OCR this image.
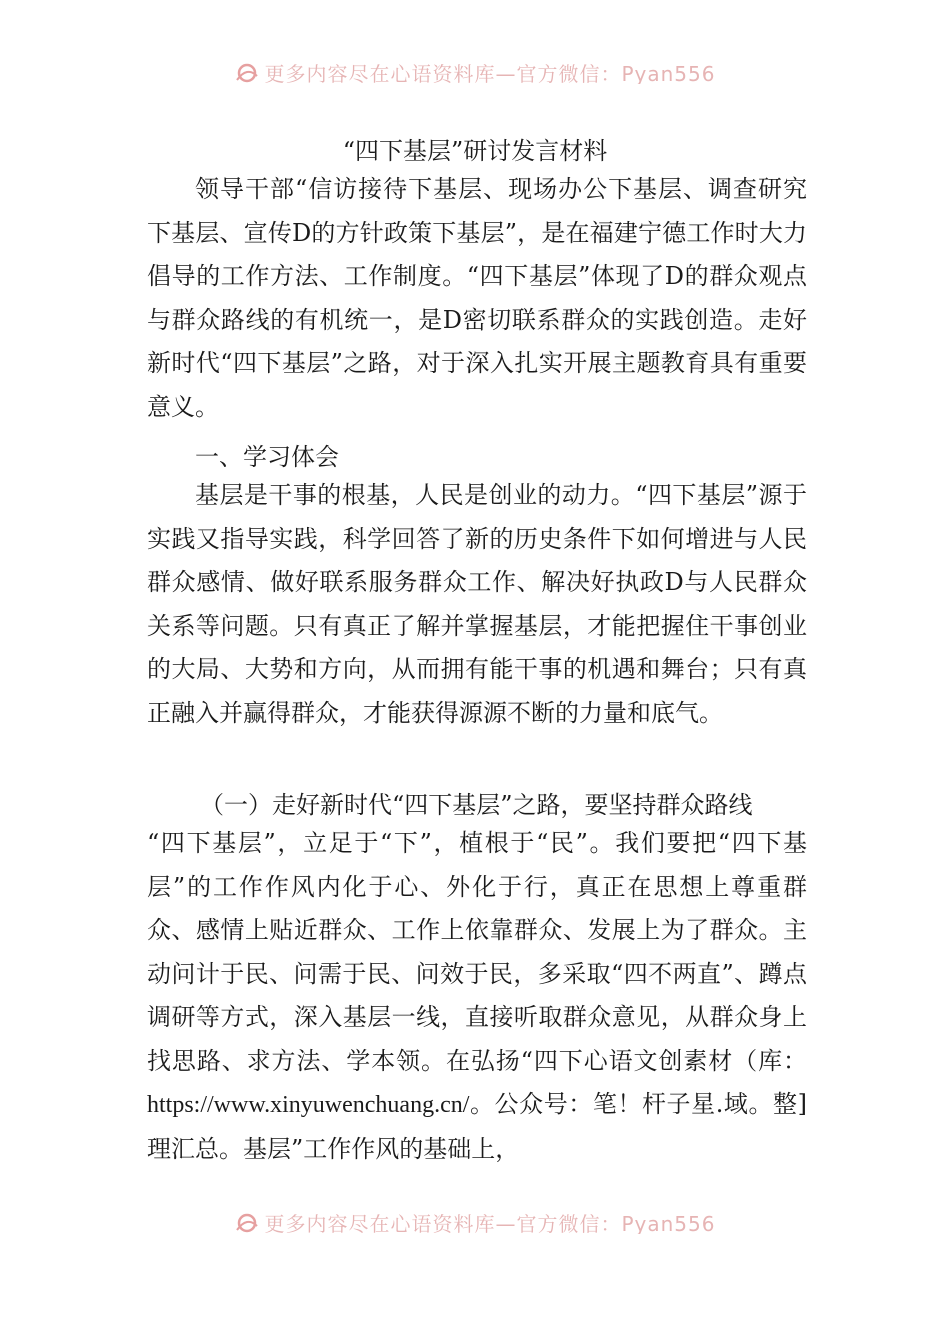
更多内容尽在心语资料库—官方微信：Pyan556
“四下基层”研讨发言材料

领导干部“信访接待下基层、现场办公下基层、调查研究下基层、宣传D的方针政策下基层”，是在福建宁德工作时大力倡导的工作方法、工作制度。“四下基层”体现了D的群众观点与群众路线的有机统一，是D密切联系群众的实践创造。走好新时代“四下基层”之路，对于深入扎实开展主题教育具有重要意义。

一、学习体会

基层是干事的根基，人民是创业的动力。“四下基层”源于实践又指导实践，科学回答了新的历史条件下如何增进与人民群众感情、做好联系服务群众工作、解决好执政D与人民群众关系等问题。只有真正了解并掌握基层，才能把握住干事创业的大局、大势和方向，从而拥有能干事的机遇和舞台；只有真正融入并赢得群众，才能获得源源不断的力量和底气。

（一）走好新时代“四下基层”之路，要坚持群众路线

“四下基层”，立足于“下”，植根于“民”。我们要把“四下基层”的工作作风内化于心、外化于行，真正在思想上尊重群众、感情上贴近群众、工作上依靠群众、发展上为了群众。主动问计于民、问需于民、问效于民，多采取“四不两直”、蹲点调研等方式，深入基层一线，直接听取群众意见，从群众身上找思路、求方法、学本领。在弘扬“四下心语文创素材（库：https://www.xinyuwenchuang.cn/。公众号：笔！杆子星.域。整]理汇总。基层”工作作风的基础上，

更多内容尽在心语资料库—官方微信：Pyan556
